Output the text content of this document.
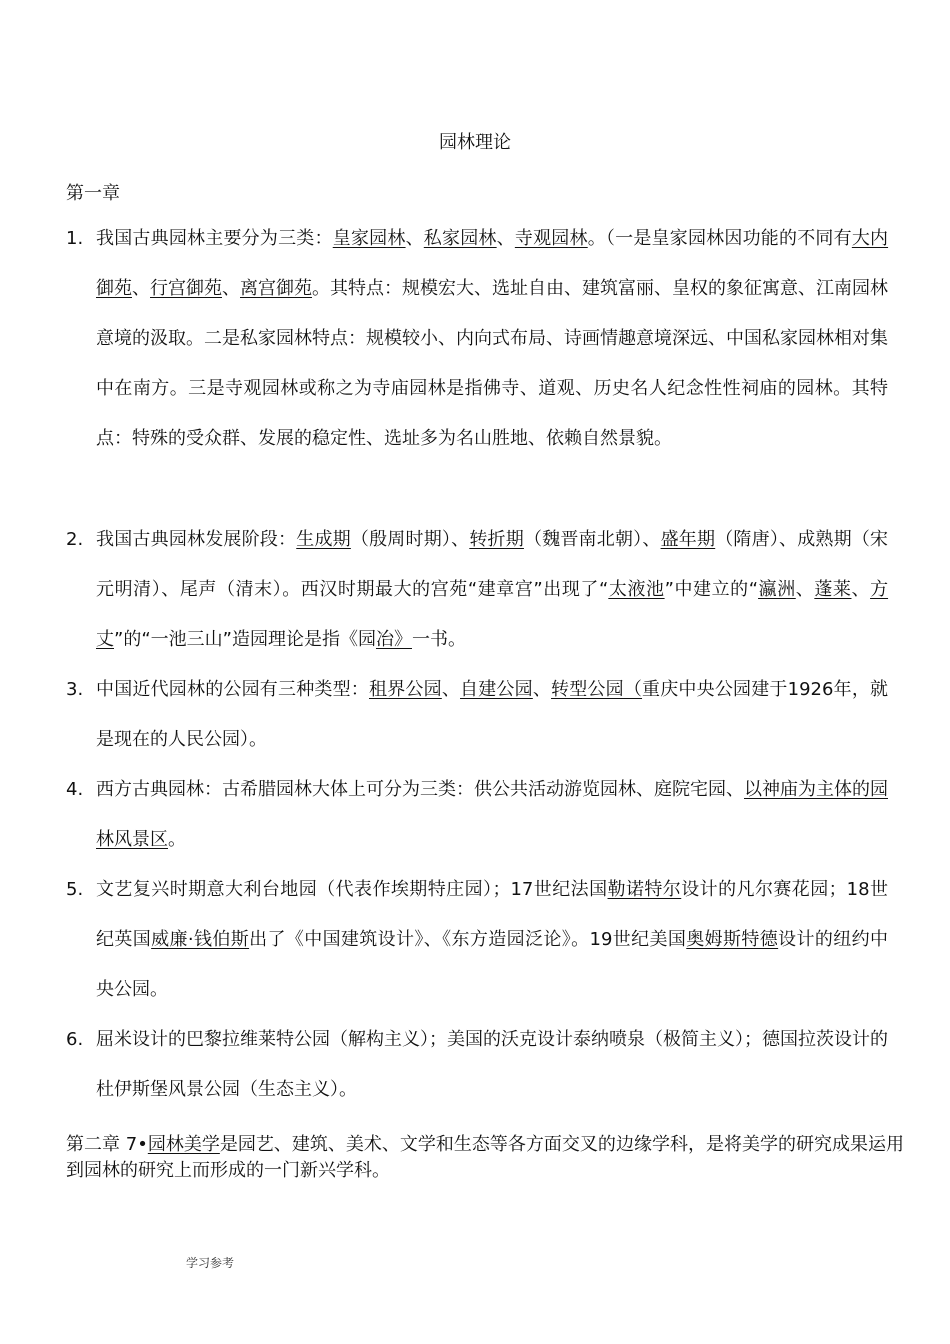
园林理论
第一章
1. 我国古典园林主要分为三类：皇家园林、私家园林、寺观园林。（一是皇家园林因功能的不同有大内御苑、行宫御苑、离宫御苑。其特点：规模宏大、选址自由、建筑富丽、皇权的象征寓意、江南园林意境的汲取。二是私家园林特点：规模较小、内向式布局、诗画情趣意境深远、中国私家园林相对集中在南方。三是寺观园林或称之为寺庙园林是指佛寺、道观、历史名人纪念性性祠庙的园林。其特点：特殊的受众群、发展的稳定性、选址多为名山胜地、依赖自然景貌。
2. 我国古典园林发展阶段：生成期（殷周时期）、转折期（魏晋南北朝）、盛年期（隋唐）、成熟期（宋元明清）、尾声（清末）。西汉时期最大的宫苑“建章宫”出现了“太液池”中建立的“瀛洲、蓬莱、方丈”的“一池三山”造园理论是指《园冶》一书。
3. 中国近代园林的公园有三种类型：租界公园、自建公园、转型公园（重庆中央公园建于1926年，就是现在的人民公园）。
4. 西方古典园林：古希腊园林大体上可分为三类：供公共活动游览园林、庭院宅园、以神庙为主体的园林风景区。
5. 文艺复兴时期意大利台地园（代表作埃期特庄园）；17世纪法国勒诺特尔设计的凡尔赛花园；18世纪英国威廉·钱伯斯出了《中国建筑设计》、《东方造园泛论》。19世纪美国奥姆斯特德设计的纽约中央公园。
6. 屈米设计的巴黎拉维莱特公园（解构主义）；美国的沃克设计泰纳喷泉（极简主义）；德国拉茨设计的杜伊斯堡风景公园（生态主义）。
第二章 7•园林美学是园艺、建筑、美术、文学和生态等各方面交叉的边缘学科，是将美学的研究成果运用到园林的研究上而形成的一门新兴学科。
学习参考
